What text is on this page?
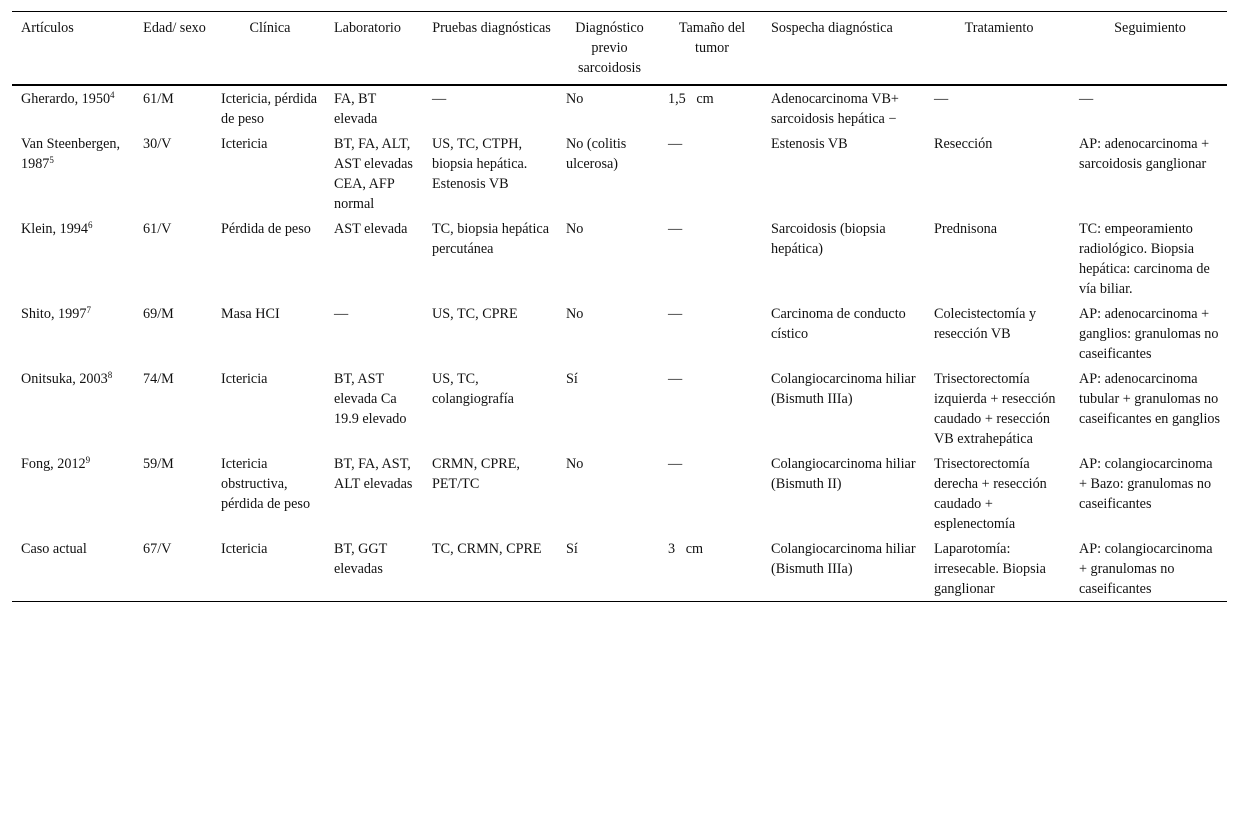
Artículos	Edad/ sexo	Clínica	Laboratorio	Pruebas diagnósticas	Diagnóstico previo sarcoidosis	Tamaño del tumor	Sospecha diagnóstica	Tratamiento	Seguimiento
Gherardo, 1950$^4$	61/M	Ictericia, pérdida de peso	FA, BT elevada	—	No	1,5   cm	Adenocarcinoma VB+ sarcoidosis hepática −	—	—
Van Steenbergen, 1987$^5$	30/V	Ictericia	BT, FA, ALT, AST elevadas CEA, AFP normal	US, TC, CTPH, biopsia hepática. Estenosis VB	No (colitis ulcerosa)	—	Estenosis VB	Resección	AP: adenocarcinoma + sarcoidosis ganglionar
Klein, 1994$^6$	61/V	Pérdida de peso	AST elevada	TC, biopsia hepática percutánea	No	—	Sarcoidosis (biopsia hepática)	Prednisona	TC: empeoramiento radiológico. Biopsia hepática: carcinoma de vía biliar.
Shito, 1997$^7$	69/M	Masa HCI	—	US, TC, CPRE	No	—	Carcinoma de conducto cístico	Colecistectomía y resección VB	AP: adenocarcinoma + ganglios: granulomas no caseificantes
Onitsuka, 2003$^8$	74/M	Ictericia	BT, AST elevada Ca 19.9 elevado	US, TC, colangiografía	Sí	—	Colangiocarcinoma hiliar (Bismuth IIIa)	Trisectorectomía izquierda + resección caudado + resección VB extrahepática	AP: adenocarcinoma tubular + granulomas no caseificantes en ganglios
Fong, 2012$^9$	59/M	Ictericia obstructiva, pérdida de peso	BT, FA, AST, ALT elevadas	CRMN, CPRE, PET/TC	No	—	Colangiocarcinoma hiliar (Bismuth II)	Trisectorectomía derecha + resección caudado + esplenectomía	AP: colangiocarcinoma + Bazo: granulomas no caseificantes
Caso actual	67/V	Ictericia	BT, GGT elevadas	TC, CRMN, CPRE	Sí	3   cm	Colangiocarcinoma hiliar (Bismuth IIIa)	Laparotomía: irresecable. Biopsia ganglionar	AP: colangiocarcinoma + granulomas no caseificantes
